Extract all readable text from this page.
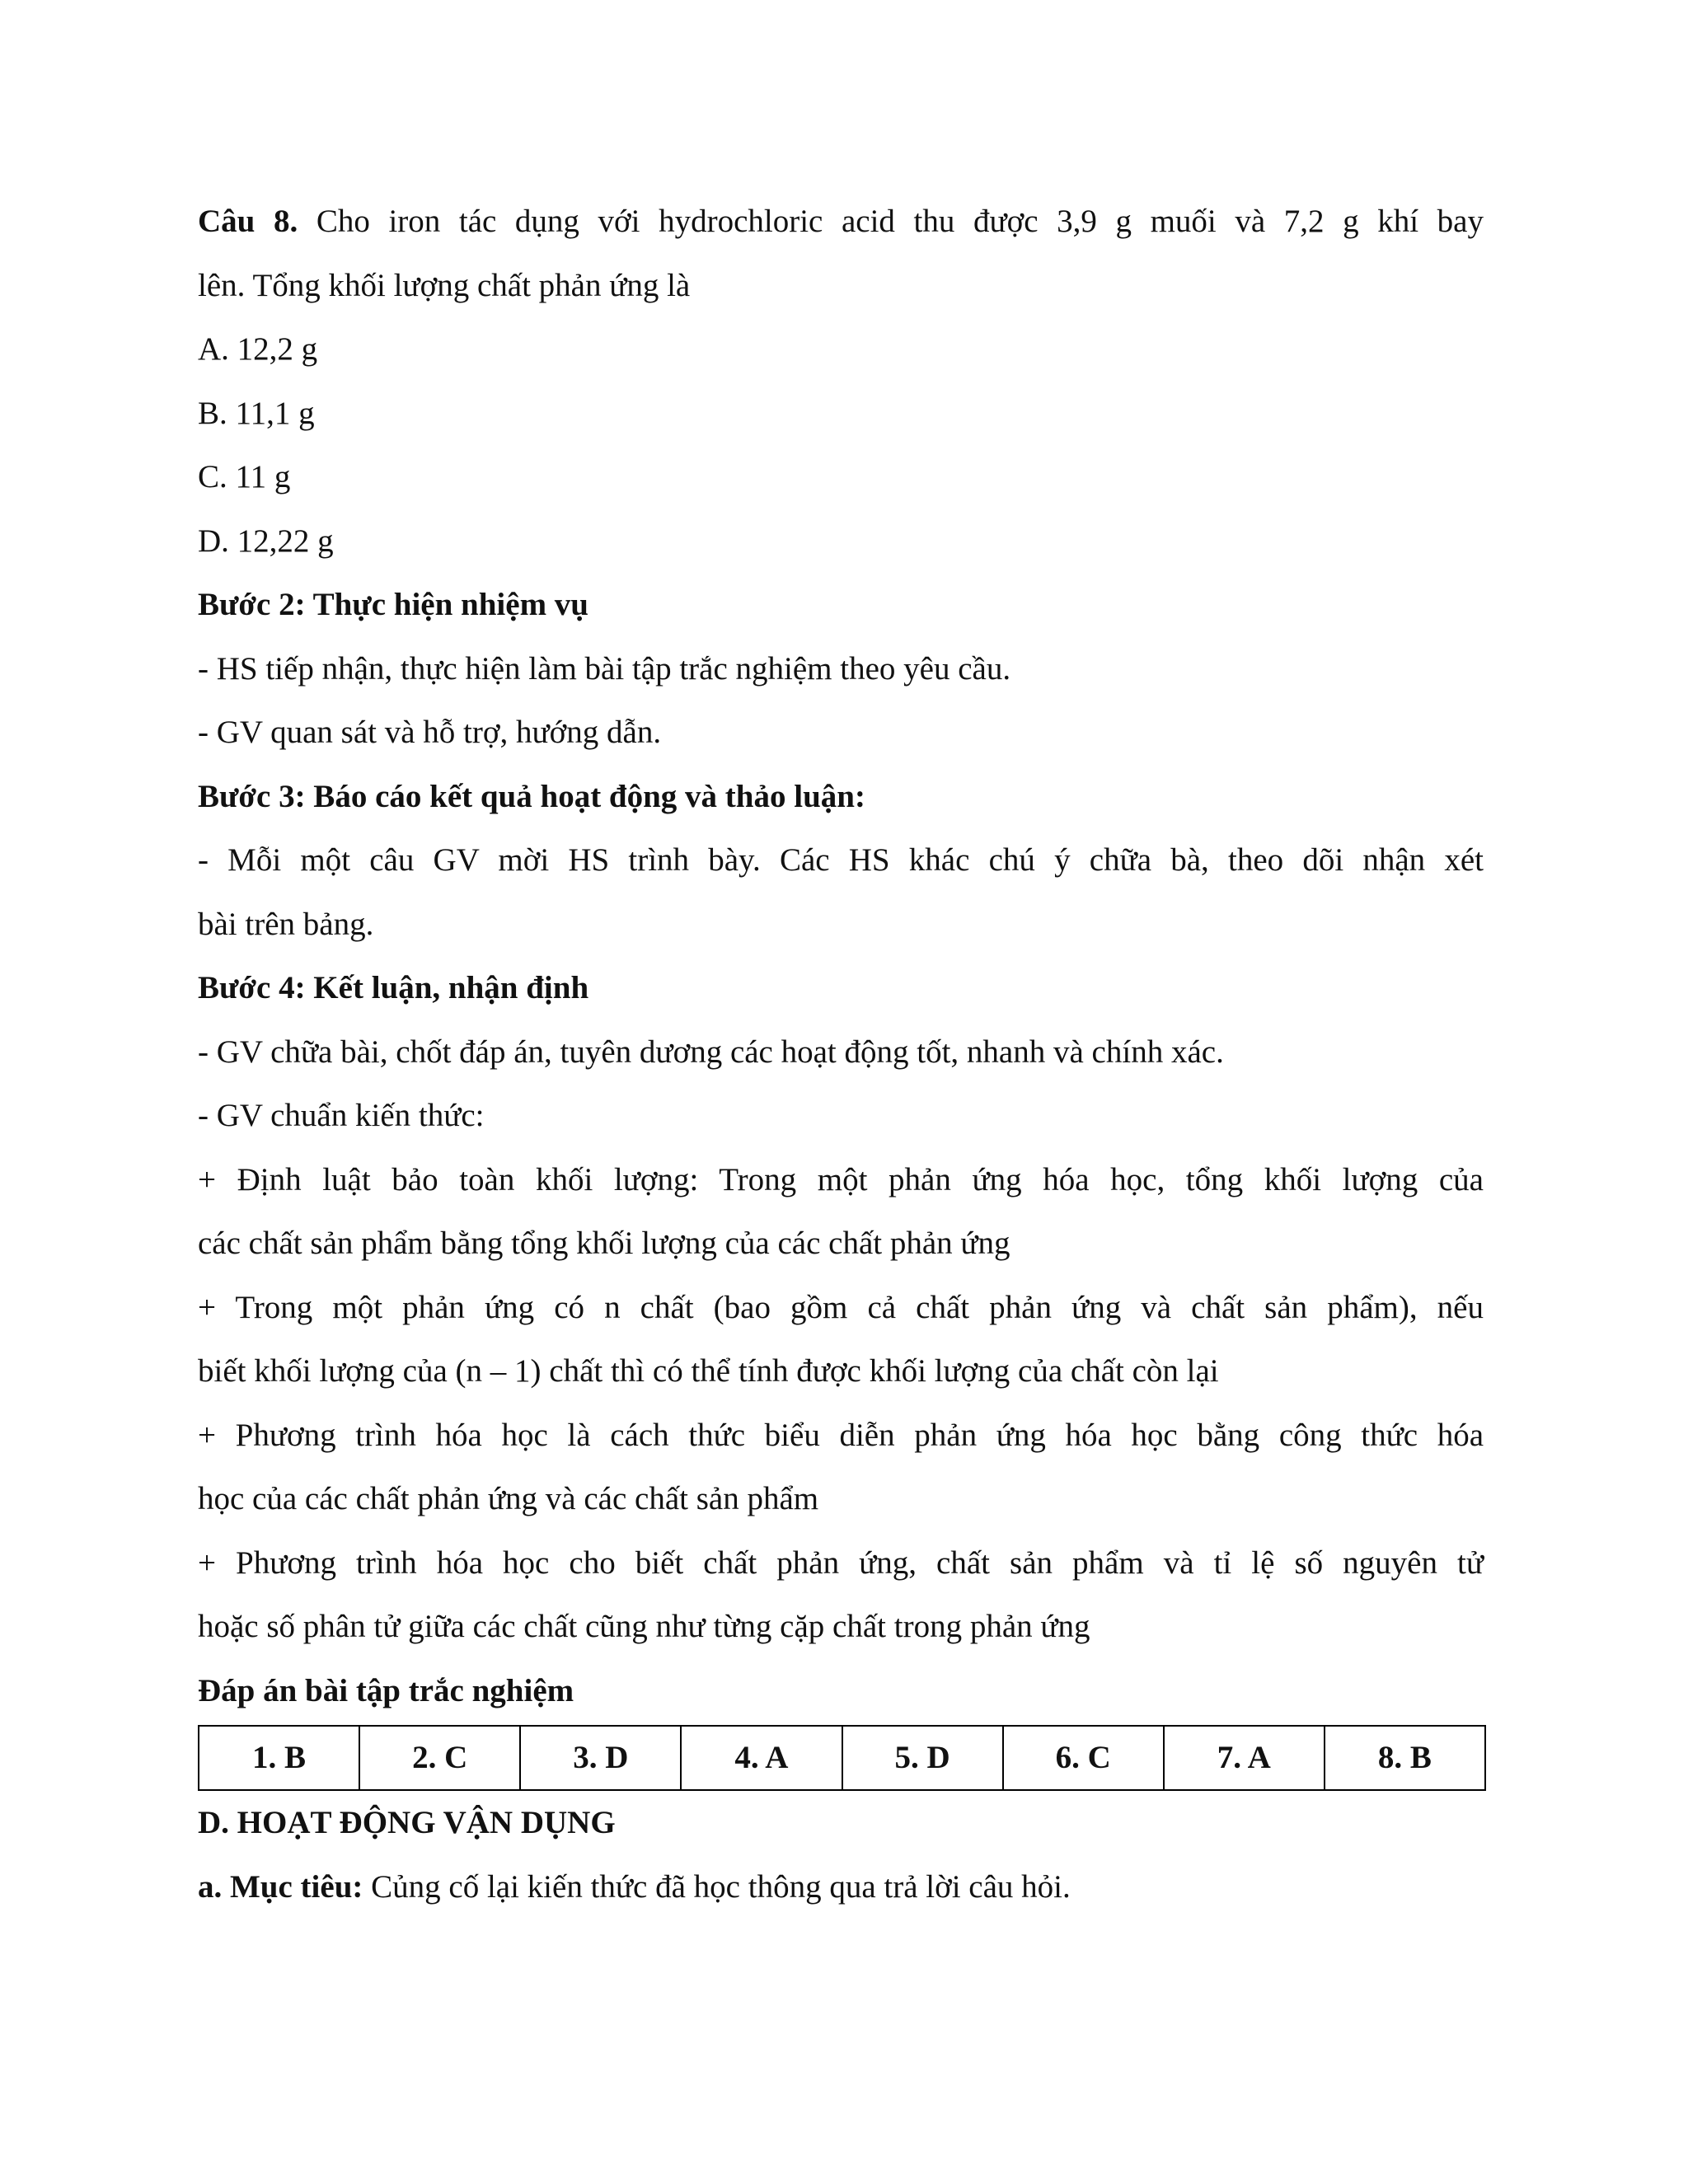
Câu 8. Cho iron tác dụng với hydrochloric acid thu được 3,9 g muối và 7,2 g khí bay

lên. Tổng khối lượng chất phản ứng là

A. 12,2 g

B. 11,1 g

C. 11 g

D. 12,22 g

Bước 2: Thực hiện nhiệm vụ

- HS tiếp nhận, thực hiện làm bài tập trắc nghiệm theo yêu cầu.

- GV quan sát và hỗ trợ, hướng dẫn.

Bước 3: Báo cáo kết quả hoạt động và thảo luận:

- Mỗi một câu GV mời HS trình bày. Các HS khác chú ý chữa bà, theo dõi nhận xét

bài trên bảng.

Bước 4: Kết luận, nhận định

- GV chữa bài, chốt đáp án, tuyên dương các hoạt động tốt, nhanh và chính xác.

- GV chuẩn kiến thức:

+ Định luật bảo toàn khối lượng: Trong một phản ứng hóa học, tổng khối lượng của

các chất sản phẩm bằng tổng khối lượng của các chất phản ứng

+ Trong một phản ứng có n chất (bao gồm cả chất phản ứng và chất sản phẩm), nếu

biết khối lượng của (n – 1) chất thì có thể tính được khối lượng của chất còn lại

+ Phương trình hóa học là cách thức biểu diễn phản ứng hóa học bằng công thức hóa

học của các chất phản ứng và các chất sản phẩm

+ Phương trình hóa học cho biết chất phản ứng, chất sản phẩm và tỉ lệ số nguyên tử

hoặc số phân tử giữa các chất cũng như từng cặp chất trong phản ứng

Đáp án bài tập trắc nghiệm

1. B	2. C	3. D	4. A	5. D	6. C	7. A	8. B

D. HOẠT ĐỘNG VẬN DỤNG

a. Mục tiêu: Củng cố lại kiến thức đã học thông qua trả lời câu hỏi.
